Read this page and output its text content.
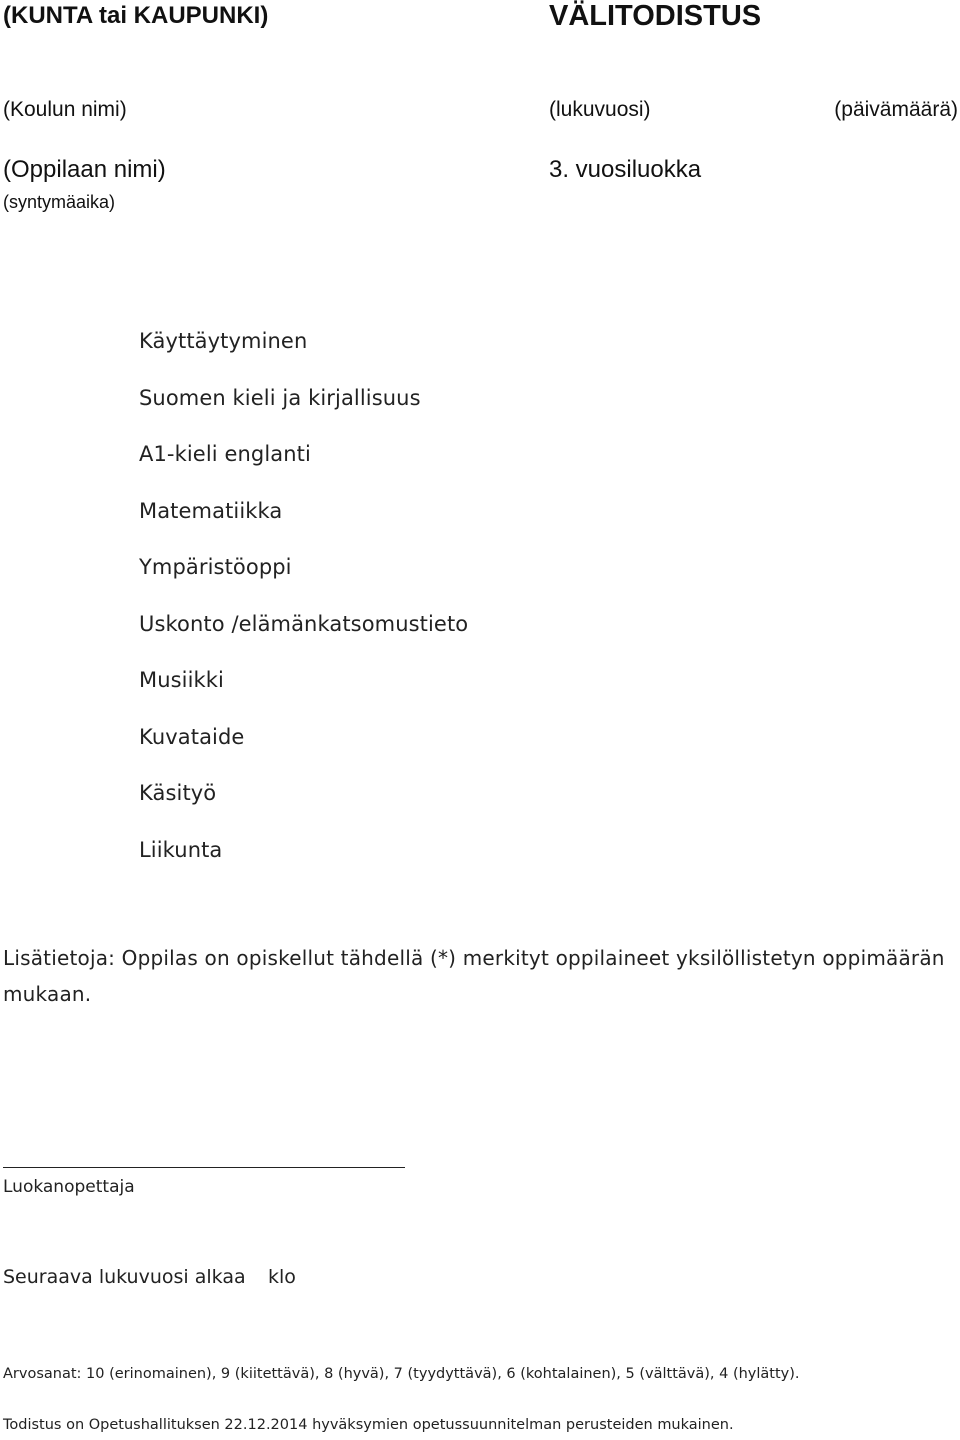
(KUNTA tai KAUPUNKI)	VÄLITODISTUS
(Koulun nimi)	(lukuvuosi)	(päivämäärä)
(Oppilaan nimi)	3. vuosiluokka
(syntymäaika)
Käyttäytyminen
Suomen kieli ja kirjallisuus
A1-kieli englanti
Matematiikka
Ympäristöoppi
Uskonto /elämänkatsomustieto
Musiikki
Kuvataide
Käsityö
Liikunta
Lisätietoja: Oppilas on opiskellut tähdellä (*) merkityt oppilaineet yksilöllistetyn oppimäärän
mukaan.
Luokanopettaja
Seuraava lukuvuosi alkaa klo
Arvosanat: 10 (erinomainen), 9 (kiitettävä), 8 (hyvä), 7 (tyydyttävä), 6 (kohtalainen), 5 (välttävä), 4 (hylätty).
Todistus on Opetushallituksen 22.12.2014 hyväksymien opetussuunnitelman perusteiden mukainen.
